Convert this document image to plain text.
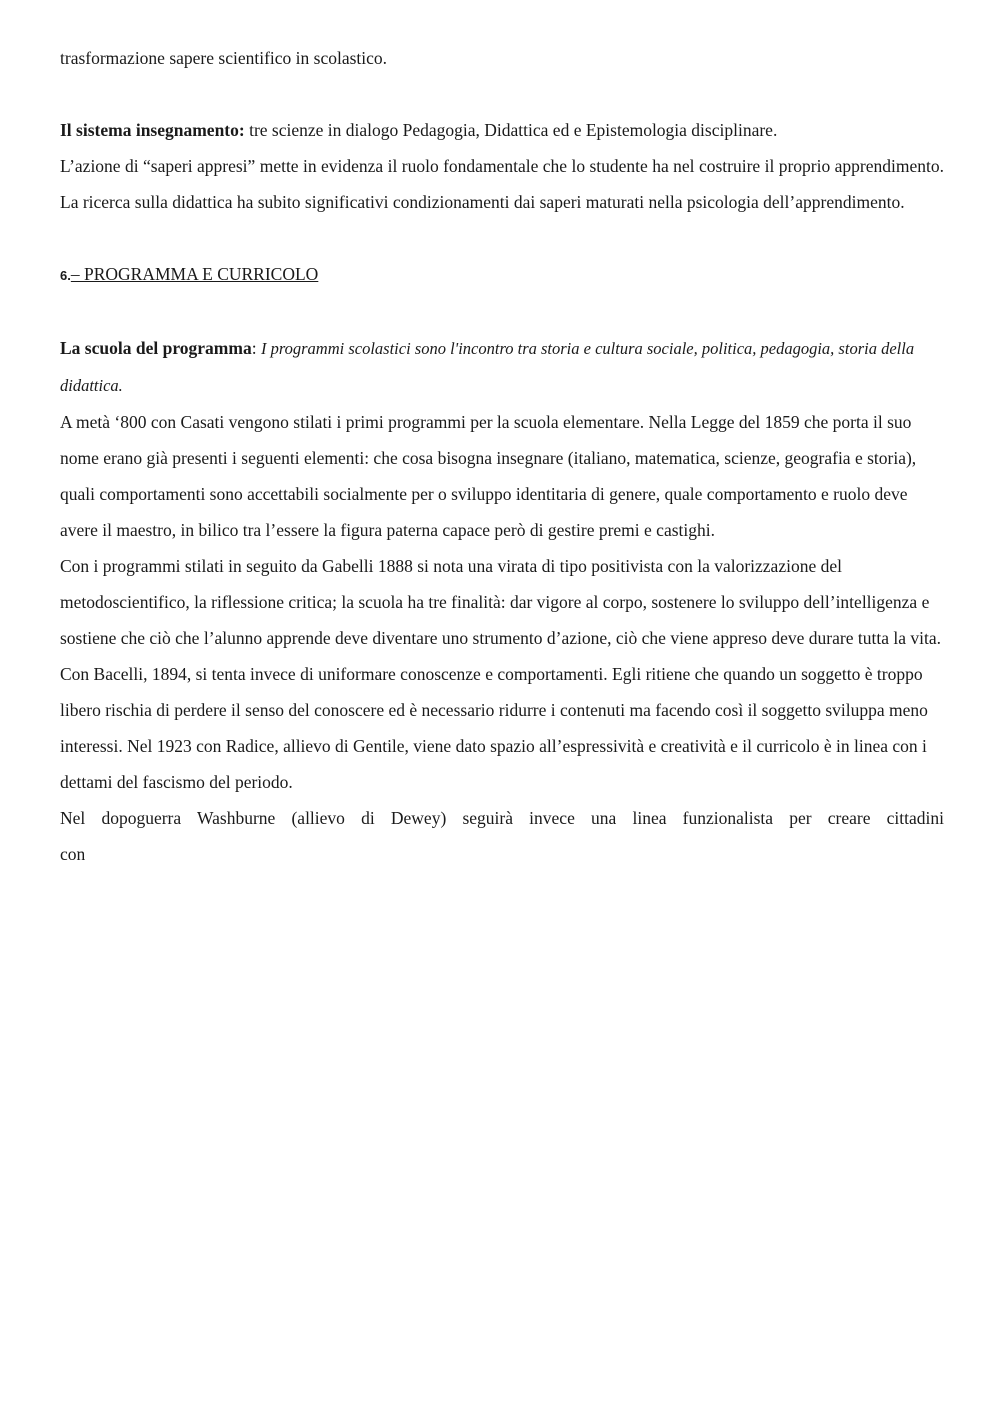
trasformazione sapere scientifico in scolastico.

Il sistema insegnamento: tre scienze in dialogo Pedagogia, Didattica ed e Epistemologia disciplinare.

L’azione di “saperi appresi” mette in evidenza il ruolo fondamentale che lo studente ha nel costruire il proprio apprendimento. La ricerca sulla didattica ha subito significativi condizionamenti dai saperi maturati nella psicologia dell’apprendimento.

6.– PROGRAMMA E CURRICOLO

La scuola del programma: I programmi scolastici sono l'incontro tra storia e cultura sociale, politica, pedagogia, storia della didattica.

A metà ‘800 con Casati vengono stilati i primi programmi per la scuola elementare. Nella Legge del 1859 che porta il suo nome erano già presenti i seguenti elementi: che cosa bisogna insegnare (italiano, matematica, scienze, geografia e storia), quali comportamenti sono accettabili socialmente per o sviluppo identitaria di genere, quale comportamento e ruolo deve avere il maestro, in bilico tra l’essere la figura paterna capace però di gestire premi e castighi.

Con i programmi stilati in seguito da Gabelli 1888 si nota una virata di tipo positivista con la valorizzazione del metodoscientifico, la riflessione critica; la scuola ha tre finalità: dar vigore al corpo, sostenere lo sviluppo dell’intelligenza e sostiene che ciò che l’alunno apprende deve diventare uno strumento d’azione, ciò che viene appreso deve durare tutta la vita. Con Bacelli, 1894, si tenta invece di uniformare conoscenze e comportamenti. Egli ritiene che quando un soggetto è troppo libero rischia di perdere il senso del conoscere ed è necessario ridurre i contenuti ma facendo così il soggetto sviluppa meno interessi. Nel 1923 con Radice, allievo di Gentile, viene dato spazio all’espressività e creatività e il curricolo è in linea con i dettami del fascismo del periodo.

Nel dopoguerra Washburne (allievo di Dewey) seguirà invece una linea funzionalista per creare cittadini

con
